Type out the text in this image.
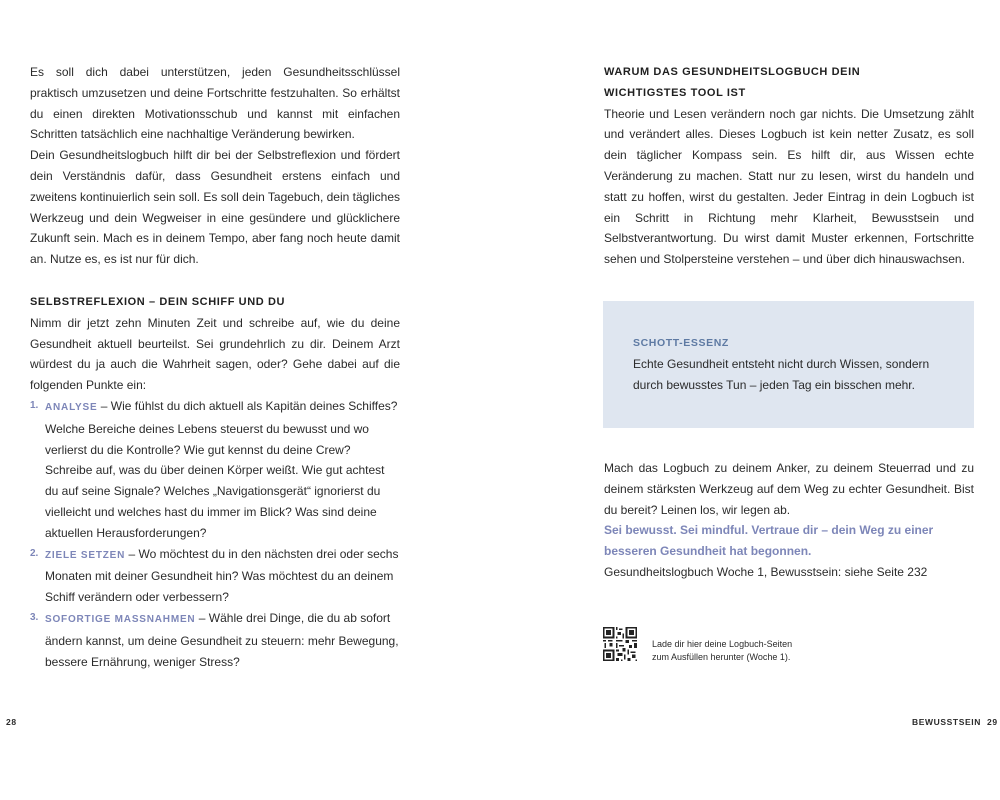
Es soll dich dabei unterstützen, jeden Gesundheitsschlüssel praktisch umzusetzen und deine Fortschritte festzuhalten. So erhältst du einen direkten Motivationsschub und kannst mit einfachen Schritten tatsächlich eine nachhaltige Veränderung bewirken.

Dein Gesundheitslogbuch hilft dir bei der Selbstreflexion und fördert dein Verständnis dafür, dass Gesundheit erstens einfach und zweitens kontinuierlich sein soll. Es soll dein Tagebuch, dein tägliches Werkzeug und dein Wegweiser in eine gesündere und glücklichere Zukunft sein. Mach es in deinem Tempo, aber fang noch heute damit an. Nutze es, es ist nur für dich.

SELBSTREFLEXION – DEIN SCHIFF UND DU

Nimm dir jetzt zehn Minuten Zeit und schreibe auf, wie du deine Gesundheit aktuell beurteilst. Sei grundehrlich zu dir. Deinem Arzt würdest du ja auch die Wahrheit sagen, oder? Gehe dabei auf die folgenden Punkte ein:

1. ANALYSE – Wie fühlst du dich aktuell als Kapitän deines Schiffes? Welche Bereiche deines Lebens steuerst du bewusst und wo verlierst du die Kontrolle? Wie gut kennst du deine Crew? Schreibe auf, was du über deinen Körper weißt. Wie gut achtest du auf seine Signale? Welches „Navigationsgerät“ ignorierst du vielleicht und welches hast du immer im Blick? Was sind deine aktuellen Herausforderungen?
2. ZIELE SETZEN – Wo möchtest du in den nächsten drei oder sechs Monaten mit deiner Gesundheit hin? Was möchtest du an deinem Schiff verändern oder verbessern?
3. SOFORTIGE MASSNAHMEN – Wähle drei Dinge, die du ab sofort ändern kannst, um deine Gesundheit zu steuern: mehr Bewegung, bessere Ernährung, weniger Stress?
28

WARUM DAS GESUNDHEITSLOGBUCH DEIN

WICHTIGSTES TOOL IST

Theorie und Lesen verändern noch gar nichts. Die Umsetzung zählt und verändert alles. Dieses Logbuch ist kein netter Zusatz, es soll dein täglicher Kompass sein. Es hilft dir, aus Wissen echte Veränderung zu machen. Statt nur zu lesen, wirst du handeln und statt zu hoffen, wirst du gestalten. Jeder Eintrag in dein Logbuch ist ein Schritt in Richtung mehr Klarheit, Bewusstsein und Selbstverantwortung. Du wirst damit Muster erkennen, Fortschritte sehen und Stolpersteine verstehen – und über dich hinauswachsen.

SCHOTT-ESSENZ
Echte Gesundheit entsteht nicht durch Wissen, sondern
durch bewusstes Tun – jeden Tag ein bisschen mehr.

Mach das Logbuch zu deinem Anker, zu deinem Steuerrad und zu deinem stärksten Werkzeug auf dem Weg zu echter Gesundheit. Bist du bereit? Leinen los, wir legen ab.

Sei bewusst. Sei mindful. Vertraue dir – dein Weg zu einer besseren Gesundheit hat begonnen.

Gesundheitslogbuch Woche 1, Bewusstsein: siehe Seite 232

Lade dir hier deine Logbuch-Seiten
zum Ausfüllen herunter (Woche 1).
BEWUSSTSEIN 29
